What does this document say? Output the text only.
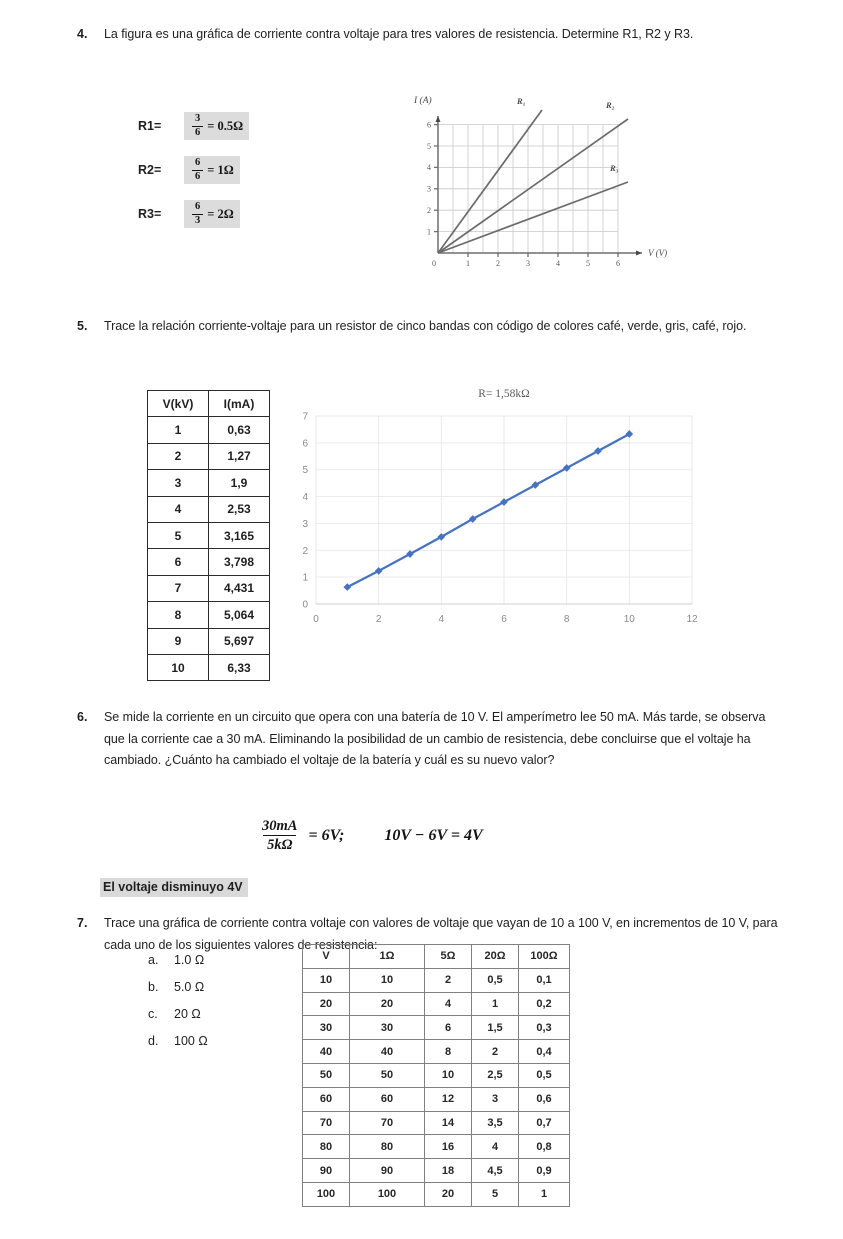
4.	La figura es una gráfica de corriente contra voltaje para tres valores de resistencia. Determine R1, R2 y R3.
R1=	$\frac{3}{6} = 0.5\Omega$
R2=	$\frac{6}{6} = 1\Omega$
R3=	$\frac{6}{3} = 2\Omega$
I (A)
V (V)
0	1	2	3	4	5	6
1
2
3
4
5
6
R₁	R₂
R₃
5.	Trace la relación corriente-voltaje para un resistor de cinco bandas con código de colores café, verde, gris, café, rojo.
V(kV)	I(mA)
1	0,63
2	1,27
3	1,9
4	2,53
5	3,165
6	3,798
7	4,431
8	5,064
9	5,697
10	6,33
R= 1,58kΩ
0
1
2
3
4
5
6
7
0	2	4	6	8	10	12
6.	Se mide la corriente en un circuito que opera con una batería de 10 V. El amperímetro lee 50 mA. Más tarde, se observa que la corriente cae a 30 mA. Eliminando la posibilidad de un cambio de resistencia, debe concluirse que el voltaje ha cambiado. ¿Cuánto ha cambiado el voltaje de la batería y cuál es su nuevo valor?
$\frac{30mA}{5k\Omega} = 6V$;	10V − 6V = 4V
El voltaje disminuyo 4V
7.	Trace una gráfica de corriente contra voltaje con valores de voltaje que vayan de 10 a 100 V, en incrementos de 10 V, para cada uno de los siguientes valores de resistencia:
a.	1.0 Ω
b.	5.0 Ω
c.	20 Ω
d.	100 Ω
V	1Ω	5Ω	20Ω	100Ω
10	10	2	0,5	0,1
20	20	4	1	0,2
30	30	6	1,5	0,3
40	40	8	2	0,4
50	50	10	2,5	0,5
60	60	12	3	0,6
70	70	14	3,5	0,7
80	80	16	4	0,8
90	90	18	4,5	0,9
100	100	20	5	1
